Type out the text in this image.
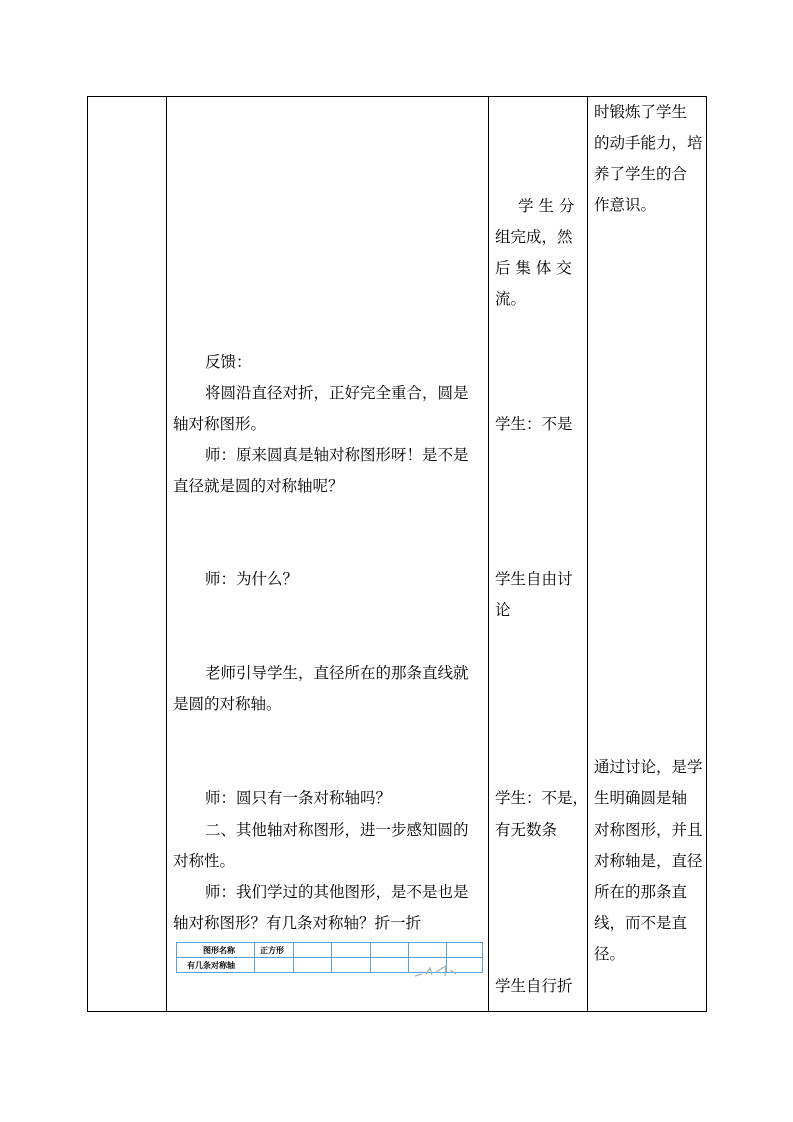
反馈：
将圆沿直径对折，正好完全重合，圆是
轴对称图形。
师：原来圆真是轴对称图形呀！是不是
直径就是圆的对称轴呢？
师：为什么？
老师引导学生，直径所在的那条直线就
是圆的对称轴。
师：圆只有一条对称轴吗？
二、其他轴对称图形，进一步感知圆的
对称性。
师：我们学过的其他图形，是不是也是
轴对称图形？有几条对称轴？折一折
图形名称
有几条对称轴
正方形
学 生 分
组完成，然
后 集 体 交
流。
学生：不是
学生自由讨
论
学生：不是，
有无数条
学生自行折
时锻炼了学生
的动手能力，培
养了学生的合
作意识。
通过讨论，是学
生明确圆是轴
对称图形，并且
对称轴是，直径
所在的那条直
线，而不是直
径。
